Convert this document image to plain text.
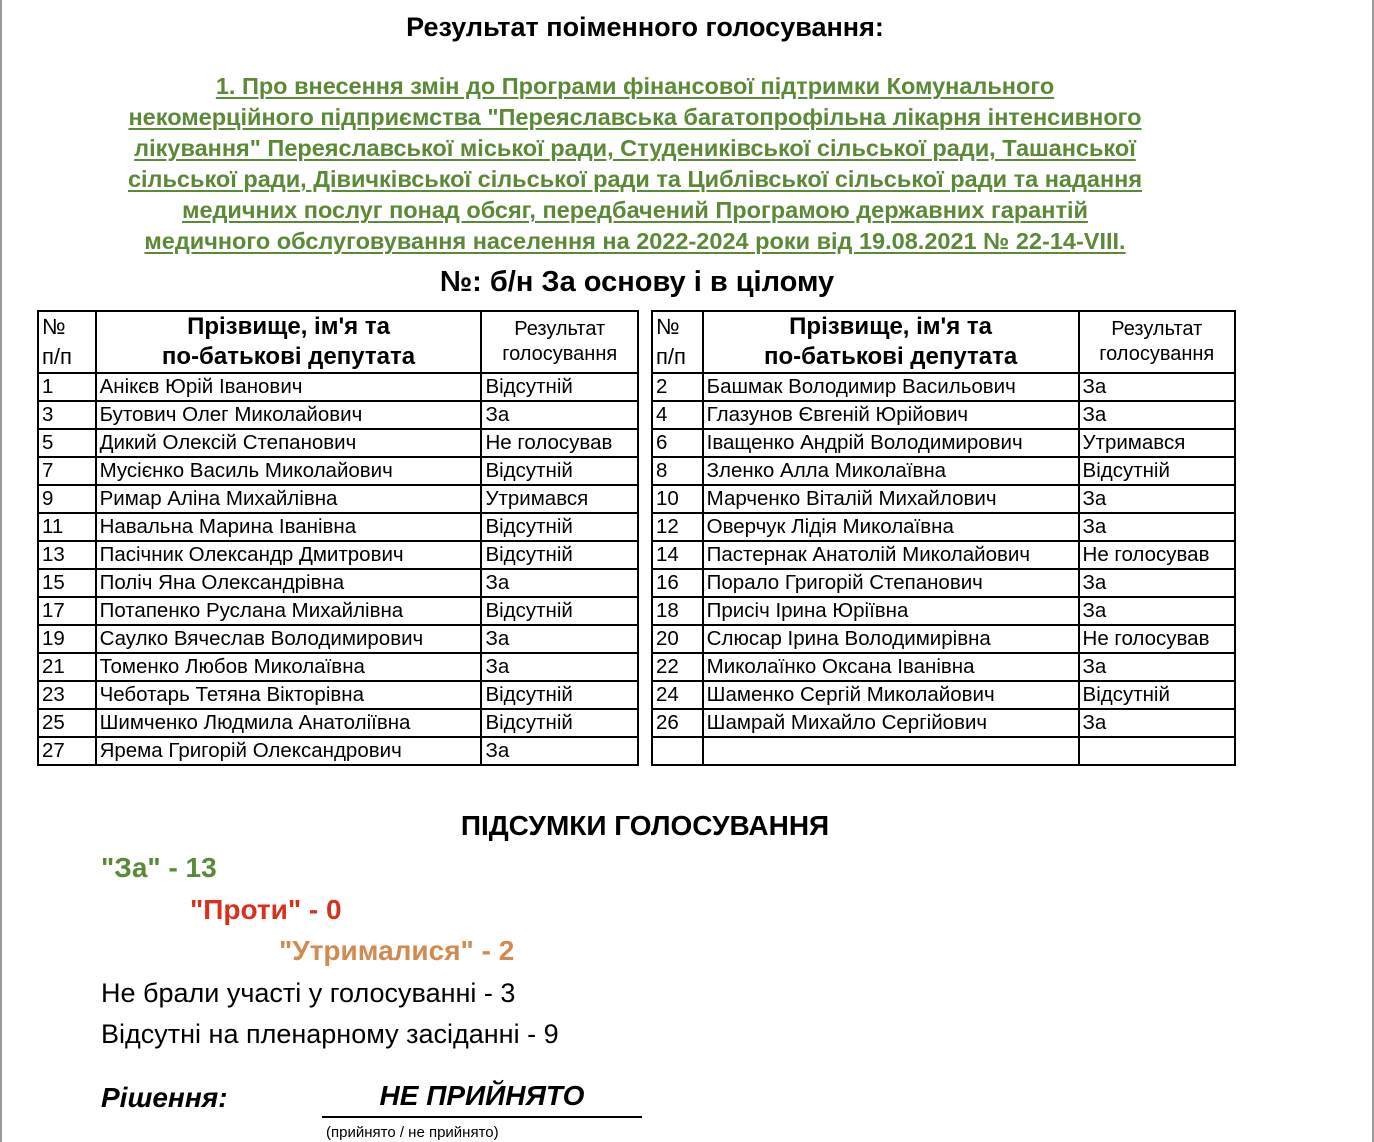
Результат поіменного голосування:
1. Про внесення змін до Програми фінансової підтримки Комунального
некомерційного підприємства "Переяславська багатопрофільна лікарня інтенсивного
лікування" Переяславської міської ради, Студениківської сільської ради, Ташанської
сільської ради, Дівичківської сільської ради та Циблівської сільської ради та надання
медичних послуг понад обсяг, передбачений Програмою державних гарантій
медичного обслуговування населення на 2022-2024 роки від 19.08.2021 № 22-14-VIII.
№: б/н За основу і в цілому
№
п/п	Прізвище, ім'я та
по-батькові депутата	Результат
голосування
1	Анікєв Юрій Іванович	Відсутній
3	Бутович Олег Миколайович	За
5	Дикий Олексій Степанович	Не голосував
7	Мусієнко Василь Миколайович	Відсутній
9	Римар Аліна Михайлівна	Утримався
11	Навальна Марина Іванівна	Відсутній
13	Пасічник Олександр Дмитрович	Відсутній
15	Поліч Яна Олександрівна	За
17	Потапенко Руслана Михайлівна	Відсутній
19	Саулко Вячеслав Володимирович	За
21	Томенко Любов Миколаївна	За
23	Чеботарь Тетяна Вікторівна	Відсутній
25	Шимченко Людмила Анатоліївна	Відсутній
27	Ярема Григорій Олександрович	За
№
п/п	Прізвище, ім'я та
по-батькові депутата	Результат
голосування
2	Башмак Володимир Васильович	За
4	Глазунов Євгеній Юрійович	За
6	Іващенко Андрій Володимирович	Утримався
8	Зленко Алла Миколаївна	Відсутній
10	Марченко Віталій Михайлович	За
12	Оверчук Лідія Миколаївна	За
14	Пастернак Анатолій Миколайович	Не голосував
16	Порало Григорій Степанович	За
18	Присіч Ірина Юріївна	За
20	Слюсар Ірина Володимирівна	Не голосував
22	Миколаїнко Оксана Іванівна	За
24	Шаменко Сергій Миколайович	Відсутній
26	Шамрай Михайло Сергійович	За

ПІДСУМКИ ГОЛОСУВАННЯ
"За" - 13
"Проти" - 0
"Утрималися" - 2
Не брали участі у голосуванні - 3
Відсутні на пленарному засіданні - 9
Рішення:	НЕ ПРИЙНЯТО
(прийнято / не прийнято)
